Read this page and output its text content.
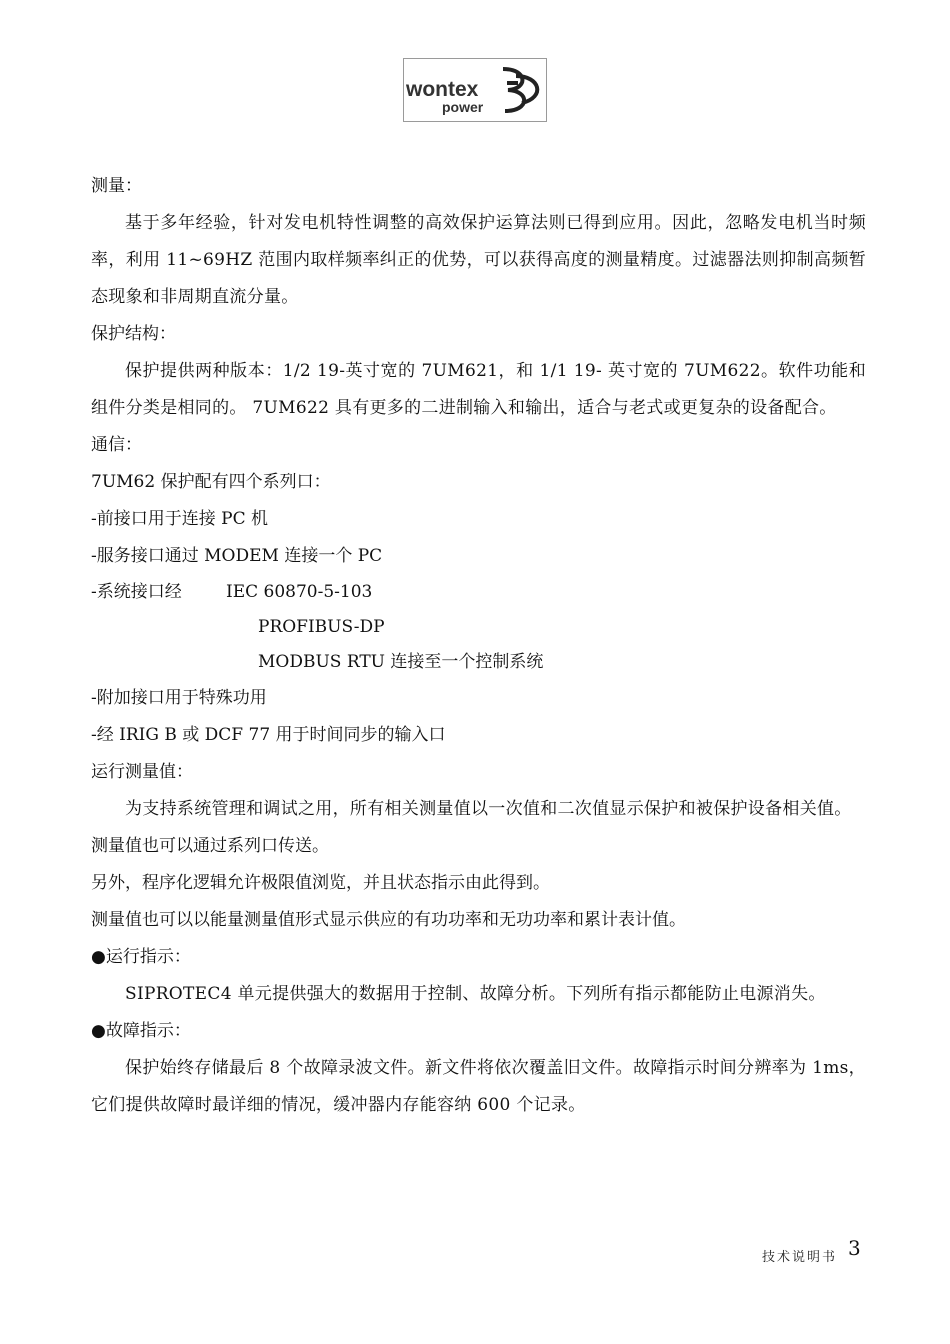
wontex
power

测量：

基于多年经验，针对发电机特性调整的高效保护运算法则已得到应用。因此，忽略发电机当时频率，利用 11~69HZ 范围内取样频率纠正的优势，可以获得高度的测量精度。过滤器法则抑制高频暂态现象和非周期直流分量。

保护结构：

保护提供两种版本：1/2 19-英寸宽的 7UM621，和 1/1 19- 英寸宽的 7UM622。软件功能和组件分类是相同的。 7UM622 具有更多的二进制输入和输出，适合与老式或更复杂的设备配合。

通信：

7UM62 保护配有四个系列口：

-前接口用于连接 PC 机

-服务接口通过 MODEM 连接一个 PC

-系统接口经	IEC 60870-5-103

PROFIBUS-DP

MODBUS RTU 连接至一个控制系统

-附加接口用于特殊功用

-经 IRIG B 或 DCF 77 用于时间同步的输入口

运行测量值：

为支持系统管理和调试之用，所有相关测量值以一次值和二次值显示保护和被保护设备相关值。

测量值也可以通过系列口传送。

另外，程序化逻辑允许极限值浏览，并且状态指示由此得到。

测量值也可以以能量测量值形式显示供应的有功功率和无功功率和累计表计值。

●运行指示：

SIPROTEC4 单元提供强大的数据用于控制、故障分析。下列所有指示都能防止电源消失。

●故障指示：

保护始终存储最后 8 个故障录波文件。新文件将依次覆盖旧文件。故障指示时间分辨率为 1ms，它们提供故障时最详细的情况，缓冲器内存能容纳 600 个记录。

技术说明书 3
